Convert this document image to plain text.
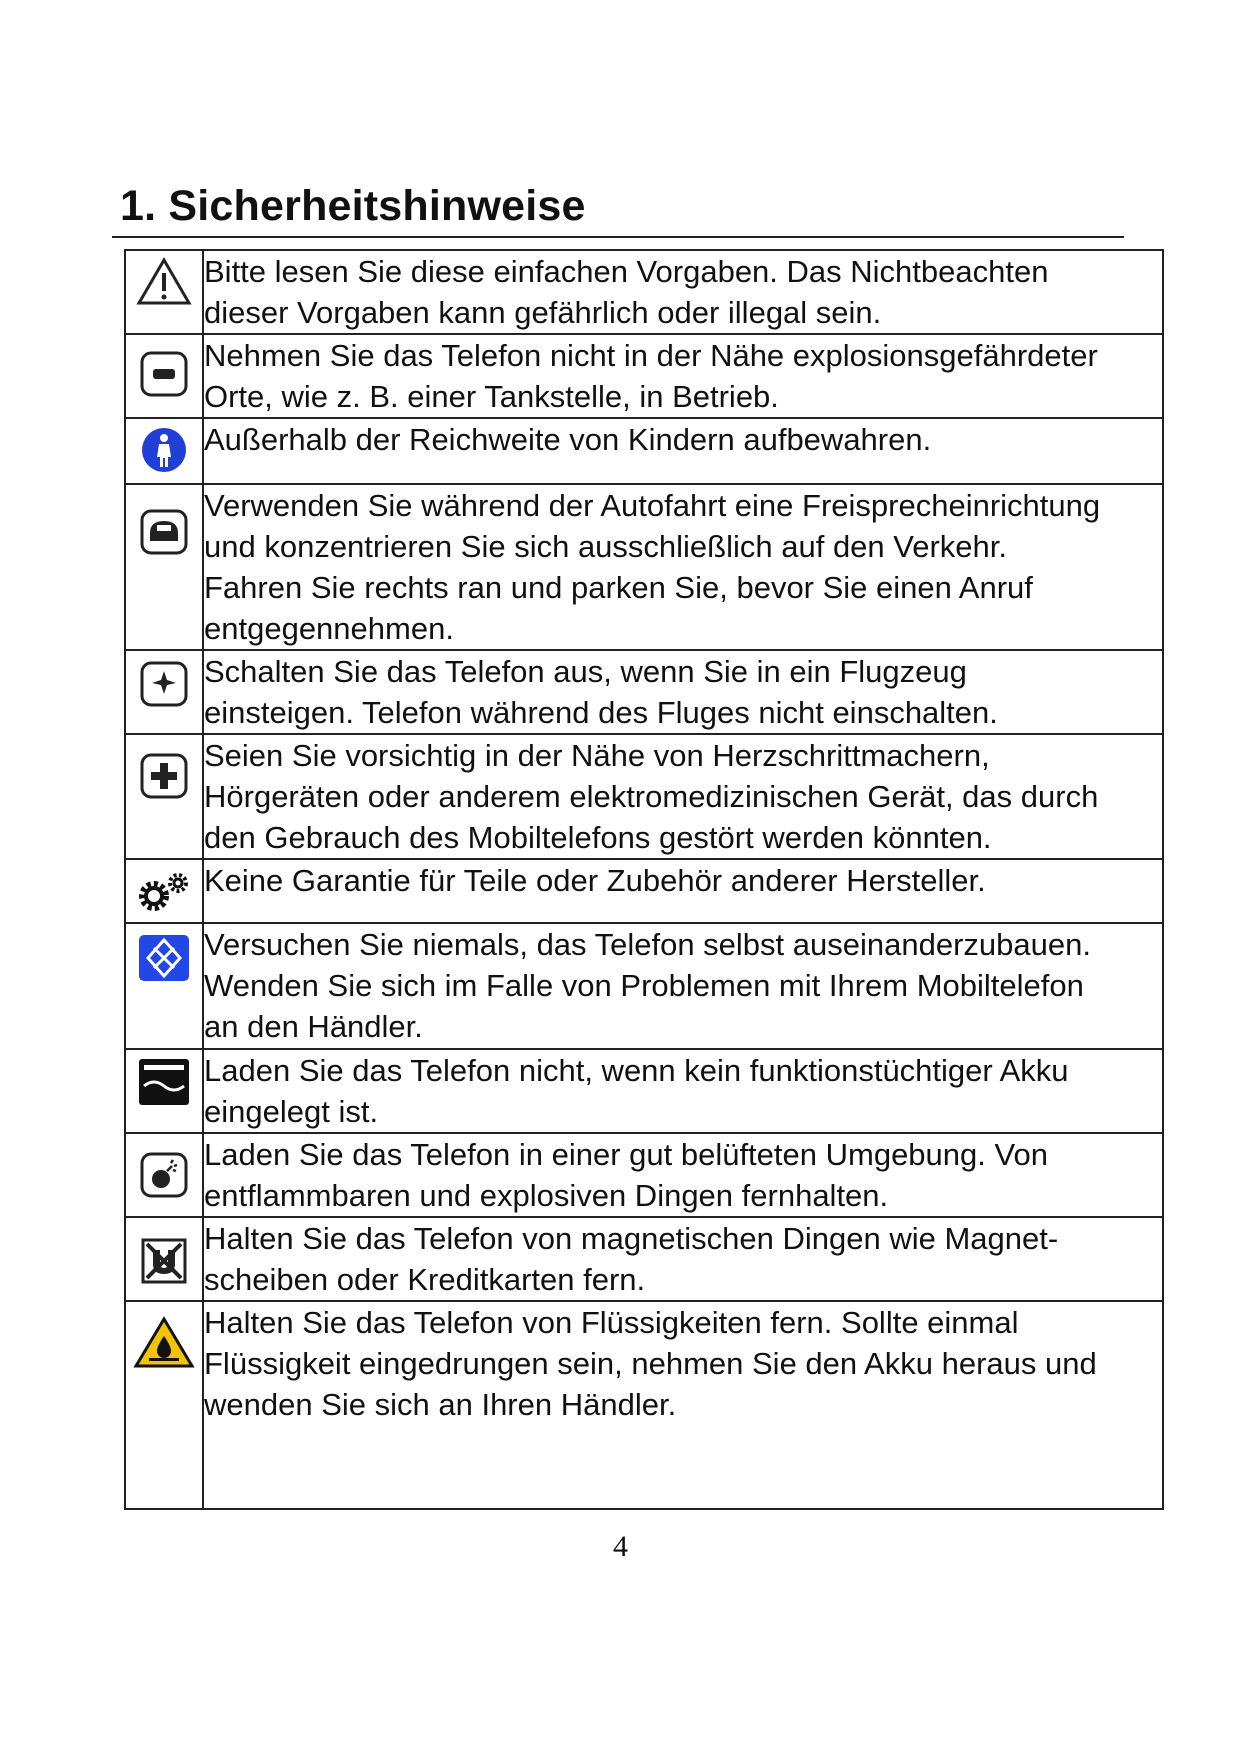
1. Sicherheitshinweise
	Bitte lesen Sie diese einfachen Vorgaben. Das Nichtbeachten
dieser Vorgaben kann gefährlich oder illegal sein.

	Nehmen Sie das Telefon nicht in der Nähe explosionsgefährdeter
Orte, wie z. B. einer Tankstelle, in Betrieb.

	Außerhalb der Reichweite von Kindern aufbewahren.

	Verwenden Sie während der Autofahrt eine Freisprecheinrichtung
und konzentrieren Sie sich ausschließlich auf den Verkehr.
Fahren Sie rechts ran und parken Sie, bevor Sie einen Anruf
entgegennehmen.

	Schalten Sie das Telefon aus, wenn Sie in ein Flugzeug
einsteigen. Telefon während des Fluges nicht einschalten.

	Seien Sie vorsichtig in der Nähe von Herzschrittmachern,
Hörgeräten oder anderem elektromedizinischen Gerät, das durch
den Gebrauch des Mobiltelefons gestört werden könnten.

	Keine Garantie für Teile oder Zubehör anderer Hersteller.

	Versuchen Sie niemals, das Telefon selbst auseinanderzubauen.
Wenden Sie sich im Falle von Problemen mit Ihrem Mobiltelefon
an den Händler.

	Laden Sie das Telefon nicht, wenn kein funktionstüchtiger Akku
eingelegt ist.

	Laden Sie das Telefon in einer gut belüfteten Umgebung. Von
entflammbaren und explosiven Dingen fernhalten.

	Halten Sie das Telefon von magnetischen Dingen wie Magnet-
scheiben oder Kreditkarten fern.

	Halten Sie das Telefon von Flüssigkeiten fern. Sollte einmal
Flüssigkeit eingedrungen sein, nehmen Sie den Akku heraus und
wenden Sie sich an Ihren Händler.
4
